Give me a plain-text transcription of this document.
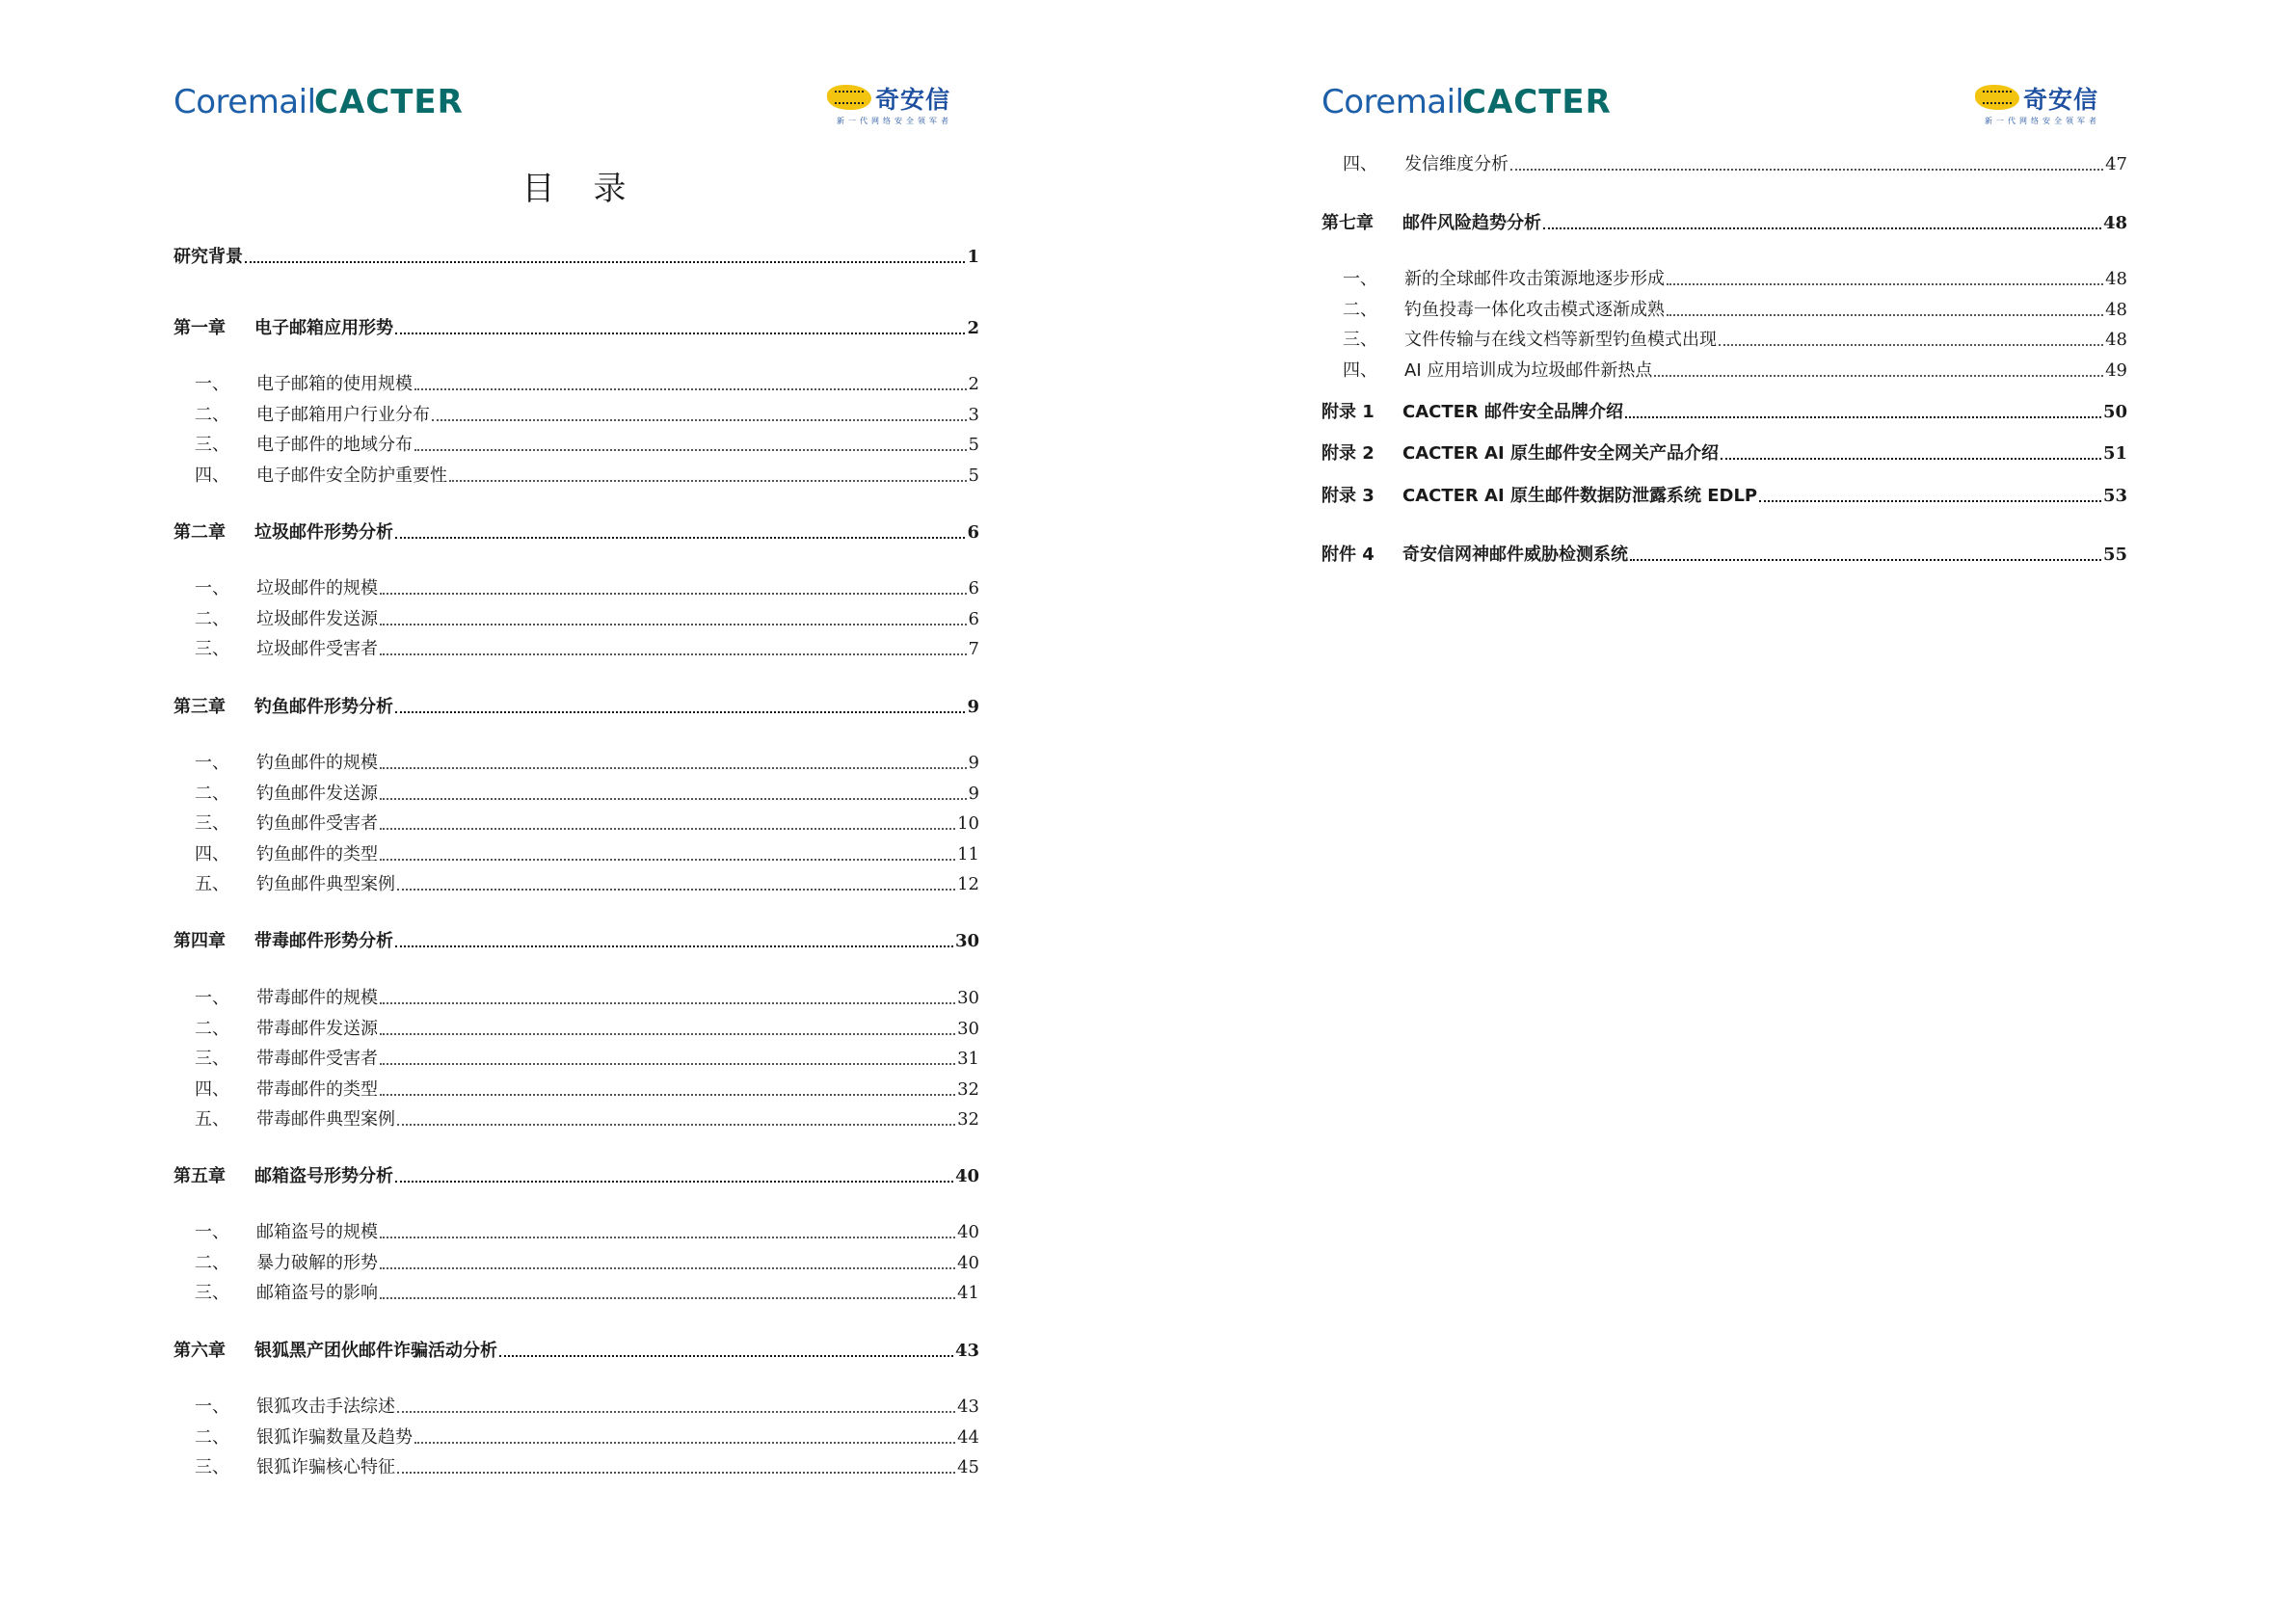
Coremail
CACTER	奇安信
新一代网络安全领军者
目录
研究背景	1
第一章	电子邮箱应用形势	2
一、	电子邮箱的使用规模	2
二、	电子邮箱用户行业分布	3
三、	电子邮件的地域分布	5
四、	电子邮件安全防护重要性	5
第二章	垃圾邮件形势分析	6
一、	垃圾邮件的规模	6
二、	垃圾邮件发送源	6
三、	垃圾邮件受害者	7
第三章	钓鱼邮件形势分析	9
一、	钓鱼邮件的规模	9
二、	钓鱼邮件发送源	9
三、	钓鱼邮件受害者	10
四、	钓鱼邮件的类型	11
五、	钓鱼邮件典型案例	12
第四章	带毒邮件形势分析	30
一、	带毒邮件的规模	30
二、	带毒邮件发送源	30
三、	带毒邮件受害者	31
四、	带毒邮件的类型	32
五、	带毒邮件典型案例	32
第五章	邮箱盗号形势分析	40
一、	邮箱盗号的规模	40
二、	暴力破解的形势	40
三、	邮箱盗号的影响	41
第六章	银狐黑产团伙邮件诈骗活动分析	43
一、	银狐攻击手法综述	43
二、	银狐诈骗数量及趋势	44
三、	银狐诈骗核心特征	45
Coremail
CACTER	奇安信
新一代网络安全领军者
四、	发信维度分析	47
第七章	邮件风险趋势分析	48
一、	新的全球邮件攻击策源地逐步形成	48
二、	钓鱼投毒一体化攻击模式逐渐成熟	48
三、	文件传输与在线文档等新型钓鱼模式出现	48
四、	AI 应用培训成为垃圾邮件新热点	49
附录 1	CACTER 邮件安全品牌介绍	50
附录 2	CACTER AI 原生邮件安全网关产品介绍	51
附录 3	CACTER AI 原生邮件数据防泄露系统 EDLP	53
附件 4	奇安信网神邮件威胁检测系统	55
